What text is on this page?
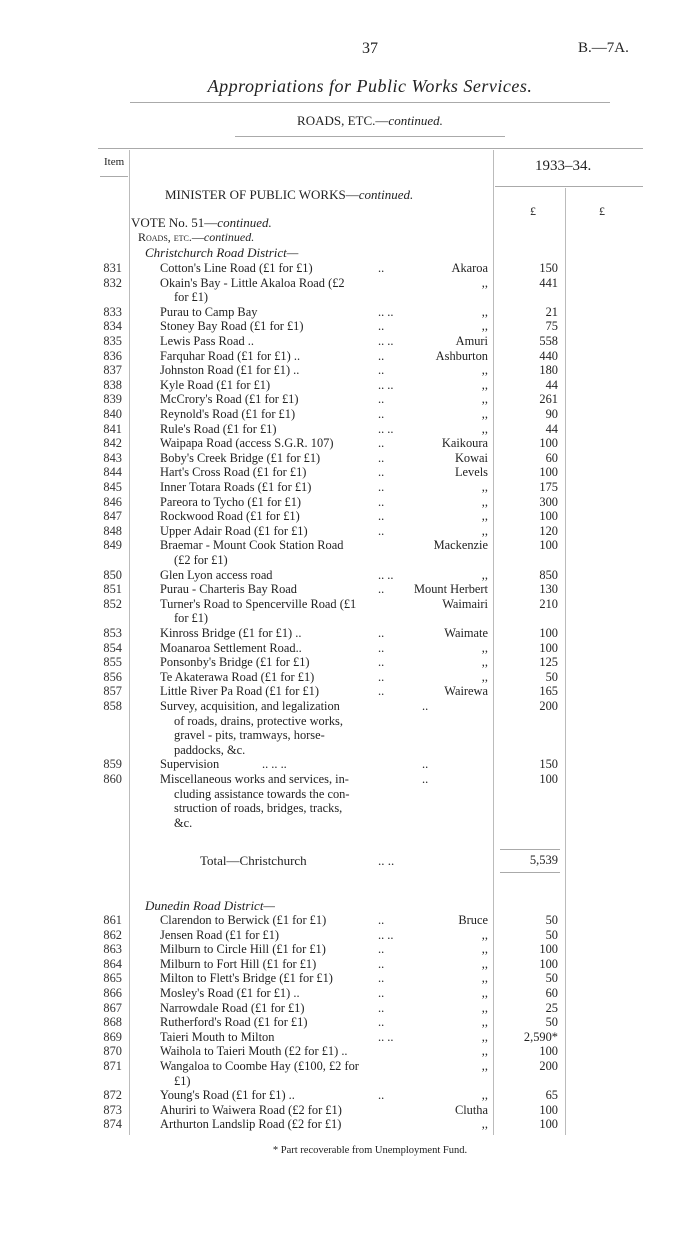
37	B.—7A.
Appropriations for Public Works Services.
ROADS, ETC.—continued.
Item	1933–34.
£	£
MINISTER OF PUBLIC WORKS—continued.
VOTE No. 51—continued.
Roads, etc.—continued.
Christchurch Road District—
831	Cotton's Line Road (£1 for £1)	..	Akaroa	150
832	Okain's Bay - Little Akaloa Road (£2	,,	441
for £1)
833	Purau to Camp Bay	.. ..	,,	21
834	Stoney Bay Road (£1 for £1)	..	,,	75
835	Lewis Pass Road ..	.. ..	Amuri	558
836	Farquhar Road (£1 for £1) ..	..	Ashburton	440
837	Johnston Road (£1 for £1) ..	..	,,	180
838	Kyle Road (£1 for £1)	.. ..	,,	44
839	McCrory's Road (£1 for £1)	..	,,	261
840	Reynold's Road (£1 for £1)	..	,,	90
841	Rule's Road (£1 for £1)	.. ..	,,	44
842	Waipapa Road (access S.G.R. 107)	..	Kaikoura	100
843	Boby's Creek Bridge (£1 for £1)	..	Kowai	60
844	Hart's Cross Road (£1 for £1)	..	Levels	100
845	Inner Totara Roads (£1 for £1)	..	,,	175
846	Pareora to Tycho (£1 for £1)	..	,,	300
847	Rockwood Road (£1 for £1)	..	,,	100
848	Upper Adair Road (£1 for £1)	..	,,	120
849	Braemar - Mount Cook Station Road	Mackenzie	100
(£2 for £1)
850	Glen Lyon access road	.. ..	,,	850
851	Purau - Charteris Bay Road	..	Mount Herbert	130
852	Turner's Road to Spencerville Road (£1	Waimairi	210
for £1)
853	Kinross Bridge (£1 for £1) ..	..	Waimate	100
854	Moanaroa Settlement Road..	..	,,	100
855	Ponsonby's Bridge (£1 for £1)	..	,,	125
856	Te Akaterawa Road (£1 for £1)	..	,,	50
857	Little River Pa Road (£1 for £1)	..	Wairewa	165
858	Survey, acquisition, and legalization	..	200
of roads, drains, protective works,
gravel - pits, tramways, horse-
paddocks, &c.
859	Supervision	.. .. ..	..	150
860	Miscellaneous works and services, in-	..	100
cluding assistance towards the con-
struction of roads, bridges, tracks,
&c.
861	Clarendon to Berwick (£1 for £1)	..	Bruce	50
862	Jensen Road (£1 for £1)	.. ..	,,	50
863	Milburn to Circle Hill (£1 for £1)	..	,,	100
864	Milburn to Fort Hill (£1 for £1)	..	,,	100
865	Milton to Flett's Bridge (£1 for £1)	..	,,	50
866	Mosley's Road (£1 for £1) ..	..	,,	60
867	Narrowdale Road (£1 for £1)	..	,,	25
868	Rutherford's Road (£1 for £1)	..	,,	50
869	Taieri Mouth to Milton	.. ..	,,	2,590*
870	Waihola to Taieri Mouth (£2 for £1) ..	,,	100
871	Wangaloa to Coombe Hay (£100, £2 for	,,	200
£1)
872	Young's Road (£1 for £1) ..	..	,,	65
873	Ahuriri to Waiwera Road (£2 for £1)	Clutha	100
874	Arthurton Landslip Road (£2 for £1)	,,	100
Total—Christchurch	.. ..	5,539
Dunedin Road District—
* Part recoverable from Unemployment Fund.
